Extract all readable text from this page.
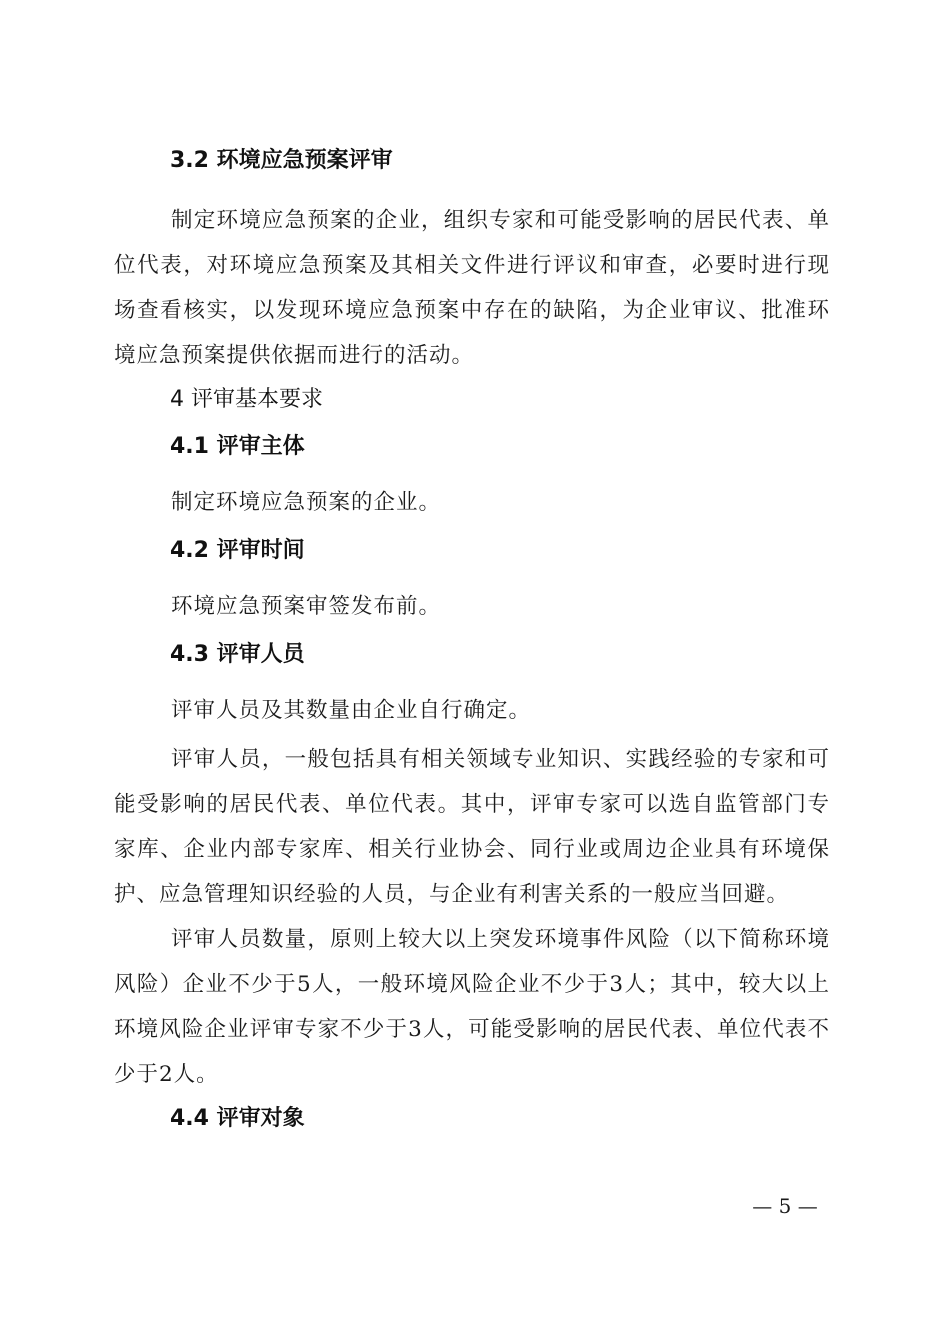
3.2 环境应急预案评审

制定环境应急预案的企业，组织专家和可能受影响的居民代表、单位代表，对环境应急预案及其相关文件进行评议和审查，必要时进行现场查看核实，以发现环境应急预案中存在的缺陷，为企业审议、批准环境应急预案提供依据而进行的活动。

4 评审基本要求
4.1 评审主体

制定环境应急预案的企业。

4.2 评审时间

环境应急预案审签发布前。

4.3 评审人员

评审人员及其数量由企业自行确定。

评审人员，一般包括具有相关领域专业知识、实践经验的专家和可能受影响的居民代表、单位代表。其中，评审专家可以选自监管部门专家库、企业内部专家库、相关行业协会、同行业或周边企业具有环境保护、应急管理知识经验的人员，与企业有利害关系的一般应当回避。

评审人员数量，原则上较大以上突发环境事件风险（以下简称环境风险）企业不少于5人，一般环境风险企业不少于3人；其中，较大以上环境风险企业评审专家不少于3人，可能受影响的居民代表、单位代表不少于2人。

4.4 评审对象
— 5 —
